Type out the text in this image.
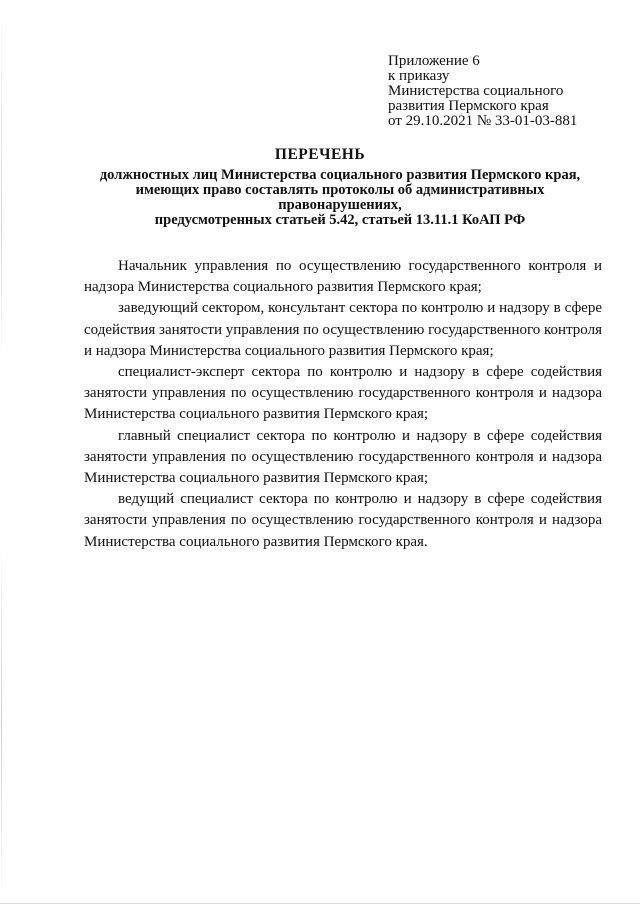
Приложение 6
к приказу
Министерства социального
развития Пермского края
от 29.10.2021 № 33-01-03-881
ПЕРЕЧЕНЬ
должностных лиц Министерства социального развития Пермского края,
имеющих право составлять протоколы об административных
правонарушениях,
предусмотренных статьей 5.42, статьей 13.11.1 КоАП РФ

Начальник управления по осуществлению государственного контроля и надзора Министерства социального развития Пермского края;

заведующий сектором, консультант сектора по контролю и надзору в сфере содействия занятости управления по осуществлению государственного контроля и надзора Министерства социального развития Пермского края;

специалист-эксперт сектора по контролю и надзору в сфере содействия занятости управления по осуществлению государственного контроля и надзора Министерства социального развития Пермского края;

главный специалист сектора по контролю и надзору в сфере содействия занятости управления по осуществлению государственного контроля и надзора Министерства социального развития Пермского края;

ведущий специалист сектора по контролю и надзору в сфере содействия занятости управления по осуществлению государственного контроля и надзора Министерства социального развития Пермского края.
